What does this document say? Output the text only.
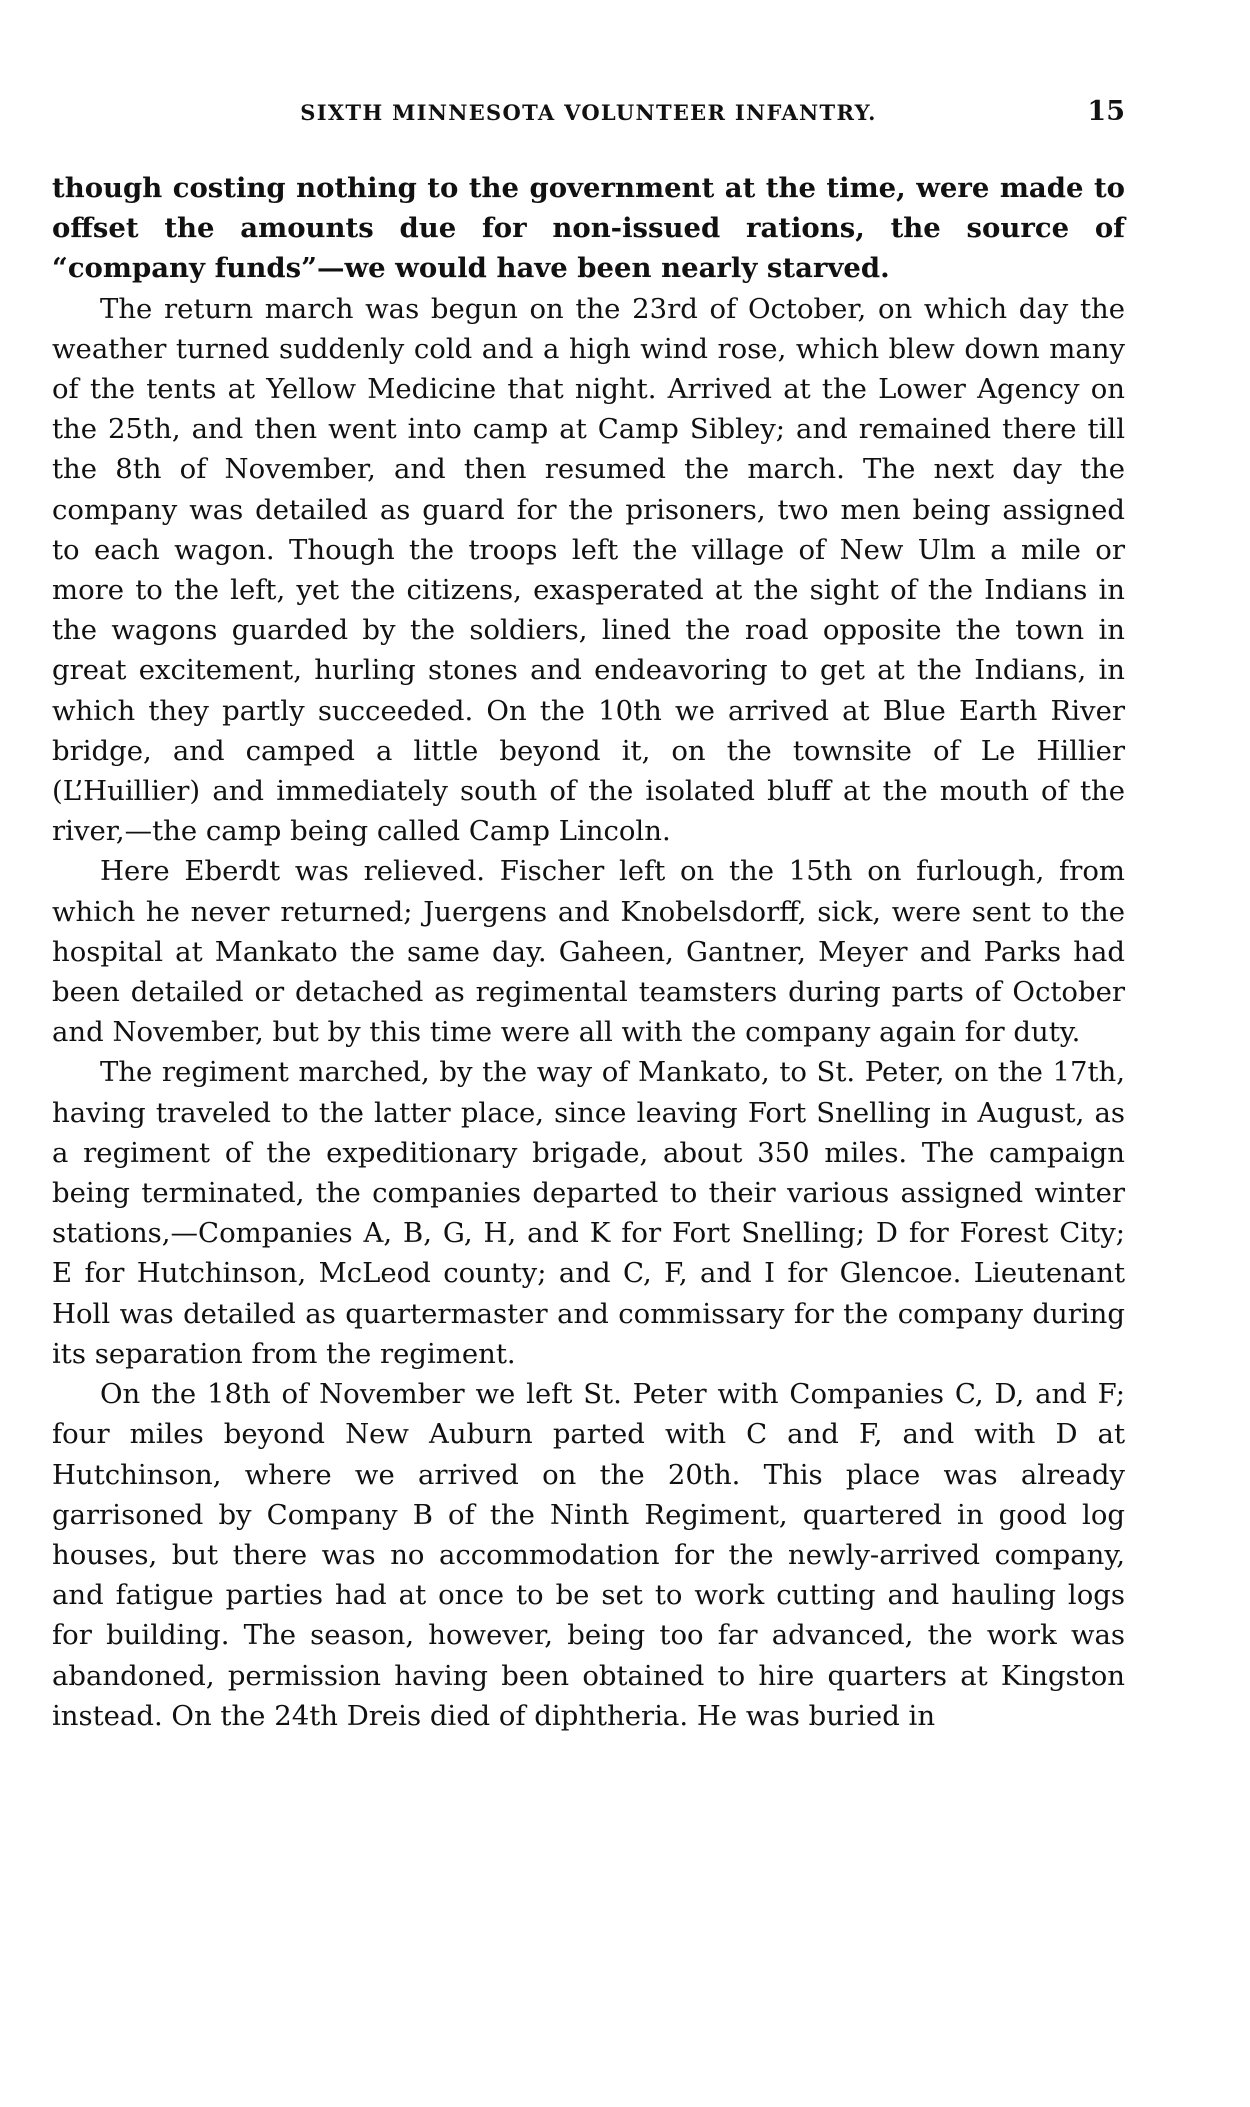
SIXTH MINNESOTA VOLUNTEER INFANTRY.	15

though costing nothing to the government at the time, were made to offset the amounts due for non-issued rations, the source of “company funds”—we would have been nearly starved.

The return march was begun on the 23rd of October, on which day the weather turned suddenly cold and a high wind rose, which blew down many of the tents at Yellow Medicine that night. Arrived at the Lower Agency on the 25th, and then went into camp at Camp Sibley; and remained there till the 8th of November, and then resumed the march. The next day the company was detailed as guard for the prisoners, two men being assigned to each wagon. Though the troops left the village of New Ulm a mile or more to the left, yet the citizens, exasperated at the sight of the Indians in the wagons guarded by the soldiers, lined the road opposite the town in great excitement, hurling stones and endeavoring to get at the Indians, in which they partly succeeded. On the 10th we arrived at Blue Earth River bridge, and camped a little beyond it, on the townsite of Le Hillier (L’Huillier) and immediately south of the isolated bluff at the mouth of the river,—the camp being called Camp Lincoln.

Here Eberdt was relieved. Fischer left on the 15th on furlough, from which he never returned; Juergens and Knobelsdorff, sick, were sent to the hospital at Mankato the same day. Gaheen, Gantner, Meyer and Parks had been detailed or detached as regimental teamsters during parts of October and November, but by this time were all with the company again for duty.

The regiment marched, by the way of Mankato, to St. Peter, on the 17th, having traveled to the latter place, since leaving Fort Snelling in August, as a regiment of the expeditionary brigade, about 350 miles. The campaign being terminated, the companies departed to their various assigned winter stations,—Companies A, B, G, H, and K for Fort Snelling; D for Forest City; E for Hutchinson, McLeod county; and C, F, and I for Glencoe. Lieutenant Holl was detailed as quartermaster and commissary for the company during its separation from the regiment.

On the 18th of November we left St. Peter with Companies C, D, and F; four miles beyond New Auburn parted with C and F, and with D at Hutchinson, where we arrived on the 20th. This place was already garrisoned by Company B of the Ninth Regiment, quartered in good log houses, but there was no accommodation for the newly-arrived company, and fatigue parties had at once to be set to work cutting and hauling logs for building. The season, however, being too far advanced, the work was abandoned, permission having been obtained to hire quarters at Kingston instead. On the 24th Dreis died of diphtheria. He was buried in
